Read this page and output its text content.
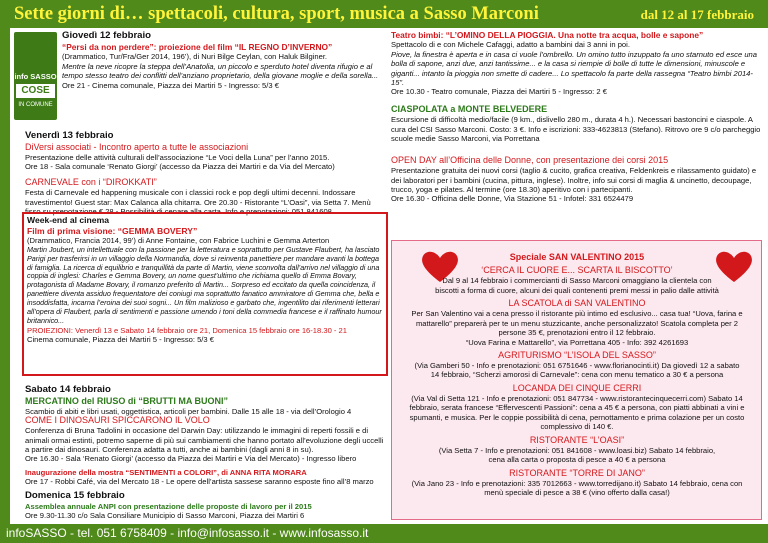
Sette giorni di… spettacoli, cultura, sport, musica a Sasso Marconi	dal 12 al 17 febbraio
info SASSO
COSE
IN COMUNE

Giovedì 12 febbraio

“Persi da non perdere”: proiezione del film “IL REGNO D’INVERNO”

(Drammatico, Tur/Fra/Ger 2014, 196’), di Nuri Bilge Ceylan, con Haluk Bilginer.

Mentre la neve ricopre la steppa dell’Anatolia, un piccolo e sperduto hotel diventa rifugio e al tempo stesso teatro dei conflitti dell’anziano proprietario, della giovane moglie e della sorella...

Ore 21 - Cinema comunale, Piazza dei Martiri 5 - Ingresso: 5/3 €

Venerdì 13 febbraio

DiVersi associati - Incontro aperto a tutte le associazioni

Presentazione delle attività culturali dell’associazione “Le Voci della Luna” per l’anno 2015.

Ore 18 - Sala comunale ‘Renato Giorgi’ (accesso da Piazza dei Martiri e da Via del Mercato)

CARNEVALE con i “DIROKKATI”

Festa di Carnevale ed happening musicale con i classici rock e pop degli ultimi decenni. Indossare travestimento! Guest star: Max Calanca alla chitarra. Ore 20.30 - Ristorante “L’Oasi”, via Setta 7. Menù fisso su prenotazione € 28 - Possibilità di cenare alla carta. Info e prenotazioni: 051 841608

Week-end al cinema

Film di prima visione: “GEMMA BOVERY”

(Drammatico, Francia 2014, 99’) di Anne Fontaine, con Fabrice Luchini e Gemma Arterton

Martin Joubert, un intellettuale con la passione per la letteratura e soprattutto per Gustave Flaubert, ha lasciato Parigi per trasferirsi in un villaggio della Normandia, dove si reinventa panettiere per mandare avanti la bottega di famiglia. La ricerca di equilibrio e tranquillità da parte di Martin, viene sconvolta dall’arrivo nel villaggio di una coppia di inglesi: Charles e Gemma Bovery, un nome quest’ultimo che richiama quello di Emma Bovary, protagonista di Madame Bovary, il romanzo preferito di Martin... Sorpreso ed eccitato da quella coincidenza, il panettiere diventa assiduo frequentatore dei coniugi ma soprattutto fanatico ammiratore di Gemma che, bella e insoddisfatta, incarna l’eroina dei suoi sogni... Un film malizioso e garbato che, ingentilito dai riferimenti letterari all’opera di Flaubert, parla di sentimenti e passione umendo i toni della commedia francese e il raffinato humour britannico...

PROIEZIONI: Venerdì 13 e Sabato 14 febbraio ore 21, Domenica 15 febbraio ore 16-18.30 - 21

Cinema comunale, Piazza dei Martiri 5 - Ingresso: 5/3 €

Sabato 14 febbraio

MERCATINO del RIUSO di “BRUTTI MA BUONI”

Scambio di abiti e libri usati, oggettistica, articoli per bambini. Dalle 15 alle 18 - via dell’Orologio 4

COME I DINOSAURI SPICCARONO IL VOLO

Conferenza di Bruna Tadolini in occasione del Darwin Day: utilizzando le immagini di reperti fossili e di animali ormai estinti, potremo saperne di più sui cambiamenti che hanno portato all’evoluzione degli uccelli a partire dai dinosauri. Conferenza adatta a tutti, anche ai bambini (dagli anni 8 in su).

Ore 16.30 - Sala ‘Renato Giorgi’ (accesso da Piazza dei Martiri e Via del Mercato) - Ingresso libero

Inaugurazione della mostra “SENTIMENTI a COLORI”, di ANNA RITA MORARA

Ore 17 - Robbi Café, via del Mercato 18 - Le opere dell’artista sassese saranno esposte fino all’8 marzo

Domenica 15 febbraio

Assemblea annuale ANPI con presentazione delle proposte di lavoro per il 2015

Ore 9.30-11.30 c/o Sala Consiliare Municipio di Sasso Marconi, Piazza dei Martiri 6

Teatro bimbi: “L’OMINO DELLA PIOGGIA. Una notte tra acqua, bolle e sapone”

Spettacolo di e con Michele Cafaggi, adatto a bambini dai 3 anni in poi.

Piove, la finestra è aperta e in casa ci vuole l’ombrello. Un omino tutto inzuppato fa uno starnuto ed esce una bolla di sapone, anzi due, anzi tantissime... e la casa si riempie di bolle di tutte le dimensioni, minuscole e giganti... intanto la pioggia non smette di cadere... Lo spettacolo fa parte della rassegna “Teatro bimbi 2014-15”.

Ore 10.30 - Teatro comunale, Piazza dei Martiri 5 - Ingresso: 2 €

CIASPOLATA a MONTE BELVEDERE

Escursione di difficoltà medio/facile (9 km., dislivello 280 m., durata 4 h.). Necessari bastoncini e ciaspole. A cura del CSI Sasso Marconi. Costo: 3 €. Info e iscrizioni: 333-4623813 (Stefano). Ritrovo ore 9 c/o parcheggio scuole medie Sasso Marconi, via Porrettana

OPEN DAY all’Officina delle Donne, con presentazione dei corsi 2015

Presentazione gratuita dei nuovi corsi (taglio & cucito, grafica creativa, Feldenkreis e rilassamento guidato) e dei laboratori per i bambini (cucina, pittura, inglese). Inoltre, info sui corsi di maglia & uncinetto, decoupage, trucco, yoga e pilates. Al termine (ore 18.30) aperitivo con i partecipanti.

Ore 16.30 - Officina delle Donne, Via Stazione 51 - Infotel: 331 6524479

Speciale SAN VALENTINO 2015

‘CERCA IL CUORE E... SCARTA IL BISCOTTO’

Dal 9 al 14 febbraio i commercianti di Sasso Marconi omaggiano la clientela con biscotti a forma di cuore, alcuni dei quali contenenti premi messi in palio dalle attività

LA SCATOLA di SAN VALENTINO

Per San Valentino vai a cena presso il ristorante più intimo ed esclusivo... casa tua! “Uova, farina e mattarello” preparerà per te un menu stuzzicante, anche personalizzato! Scatola completa per 2 persone 35 €, prenotazioni entro il 12 febbraio.

“Uova Farina e Mattarello”, via Porrettana 405 - Info: 392 4261693

AGRITURISMO “L’ISOLA DEL SASSO”

(Via Gamberi 50 - Info e prenotazioni: 051 6751646 - www.florianocinti.it) Da giovedì 12 a sabato 14 febbraio, “Scherzi amorosi di Carnevale”: cena con menu tematico a 30 € a persona

LOCANDA DEI CINQUE CERRI

(Via Val di Setta 121 - Info e prenotazioni: 051 847734 - www.ristorantecinquecerri.com) Sabato 14 febbraio, serata francese “Effervescenti Passioni”: cena a 45 € a persona, con piatti abbinati a vini e spumanti, e musica. Per le coppie possibilità di cena, pernottamento e prima colazione per un costo complessivo di 140 €.

RISTORANTE “L’OASI”

(Via Setta 7 - Info e prenotazioni: 051 841608 - www.loasi.biz) Sabato 14 febbraio, cena alla carta o proposta di pesce a 40 € a persona

RISTORANTE “TORRE DI JANO”

(Via Jano 23 - Info e prenotazioni: 335 7012663 - www.torredijano.it) Sabato 14 febbraio, cena con menù speciale di pesce a 38 € (vino offerto dalla casa!)

infoSASSO - tel. 051 6758409 - info@infosasso.it - www.infosasso.it
